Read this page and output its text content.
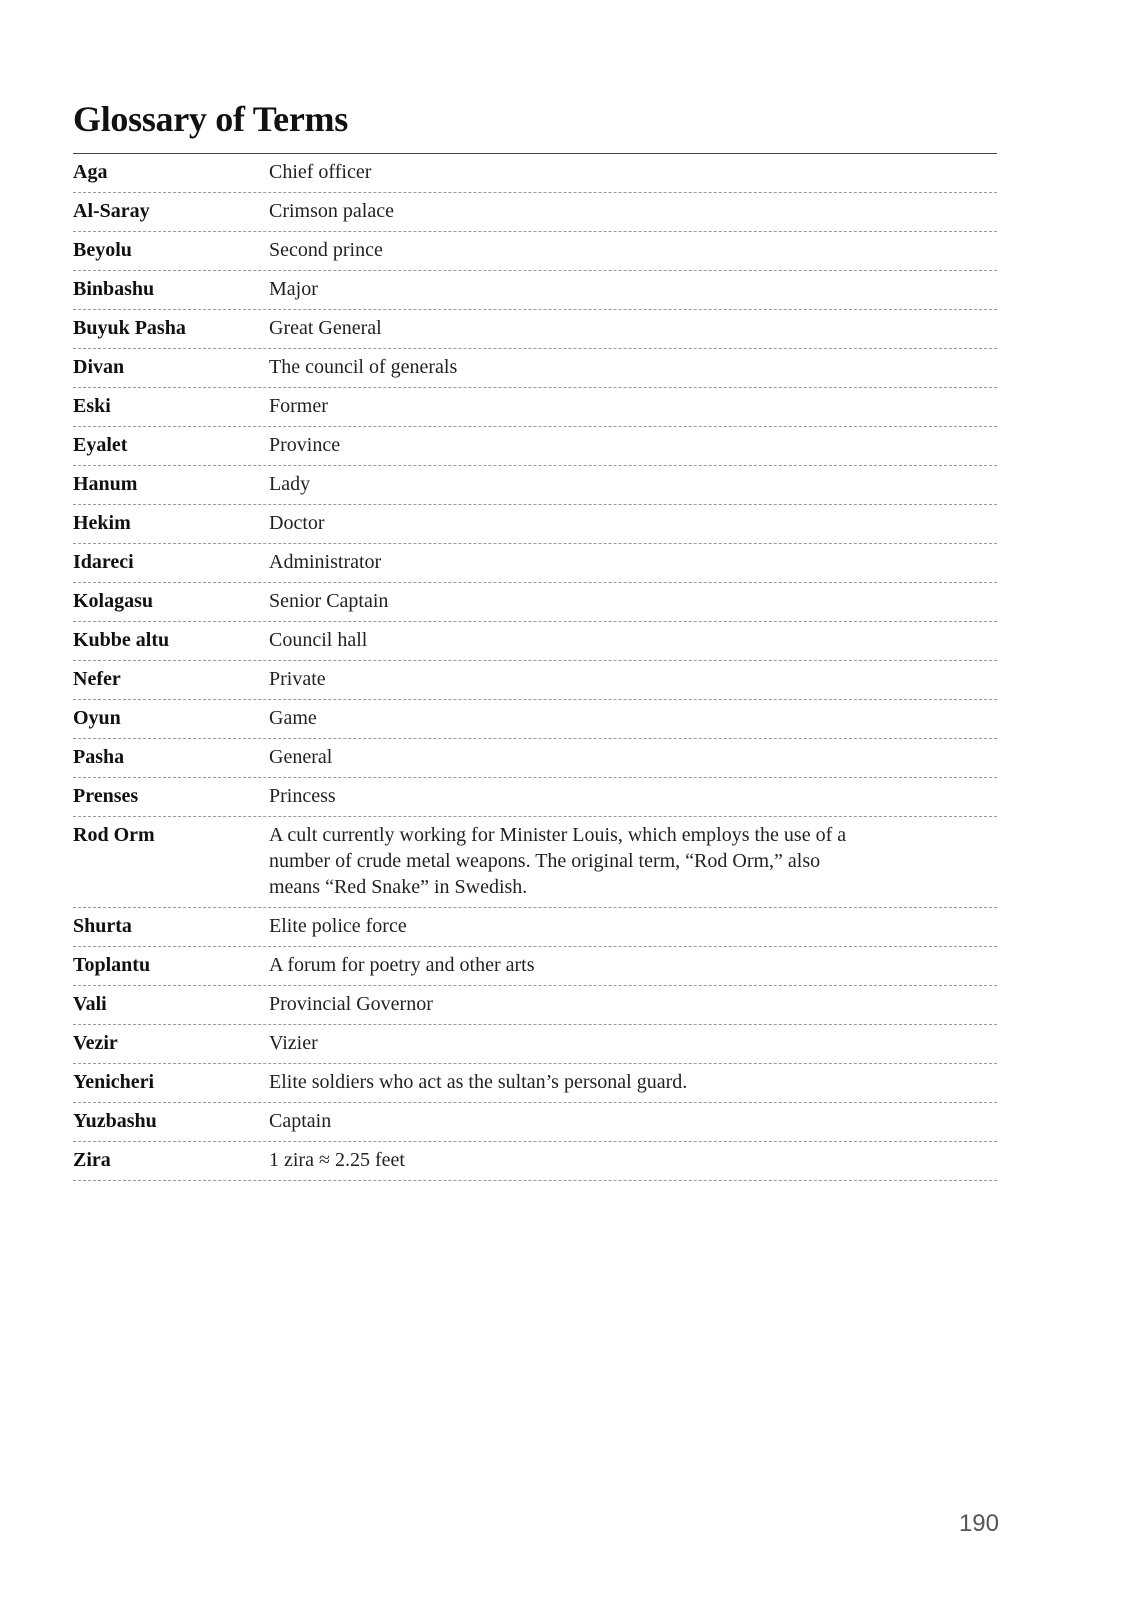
Glossary of Terms
Aga	Chief officer
Al-Saray	Crimson palace
Beyolu	Second prince
Binbashu	Major
Buyuk Pasha	Great General
Divan	The council of generals
Eski	Former
Eyalet	Province
Hanum	Lady
Hekim	Doctor
Idareci	Administrator
Kolagasu	Senior Captain
Kubbe altu	Council hall
Nefer	Private
Oyun	Game
Pasha	General
Prenses	Princess
Rod Orm	A cult currently working for Minister Louis, which employs the use of a number of crude metal weapons. The original term, “Rod Orm,” also means “Red Snake” in Swedish.
Shurta	Elite police force
Toplantu	A forum for poetry and other arts
Vali	Provincial Governor
Vezir	Vizier
Yenicheri	Elite soldiers who act as the sultan’s personal guard.
Yuzbashu	Captain
Zira	1 zira ≈ 2.25 feet
190
